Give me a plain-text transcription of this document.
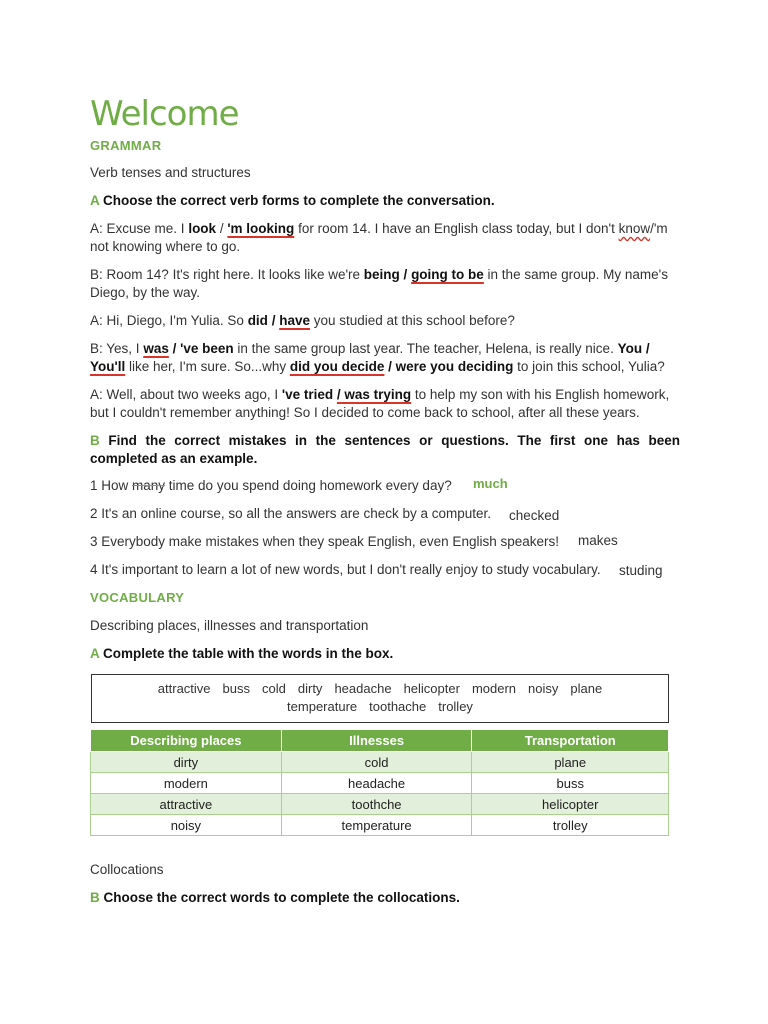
Welcome
GRAMMAR
Verb tenses and structures
A Choose the correct verb forms to complete the conversation.
A: Excuse me. I look / 'm looking for room 14. I have an English class today, but I don't know/'m not knowing where to go.
B: Room 14? It's right here. It looks like we're being / going to be in the same group. My name's Diego, by the way.
A: Hi, Diego, I'm Yulia. So did / have you studied at this school before?
B: Yes, I was / 've been in the same group last year. The teacher, Helena, is really nice. You / You'll like her, I'm sure. So...why did you decide / were you deciding to join this school, Yulia?
A: Well, about two weeks ago, I 've tried / was trying to help my son with his English homework, but I couldn't remember anything! So I decided to come back to school, after all these years.
B Find the correct mistakes in the sentences or questions. The first one has been completed as an example.
1 How many time do you spend doing homework every day? much
2 It's an online course, so all the answers are check by a computer. checked
3 Everybody make mistakes when they speak English, even English speakers! makes
4 It's important to learn a lot of new words, but I don't really enjoy to study vocabulary. studing
VOCABULARY
Describing places, illnesses and transportation
A Complete the table with the words in the box.
attractive buss cold dirty headache helicopter modern noisy plane
temperature toothache trolley
Describing places	Illnesses	Transportation
dirty	cold	plane
modern	headache	buss
attractive	toothche	helicopter
noisy	temperature	trolley
Collocations
B Choose the correct words to complete the collocations.
